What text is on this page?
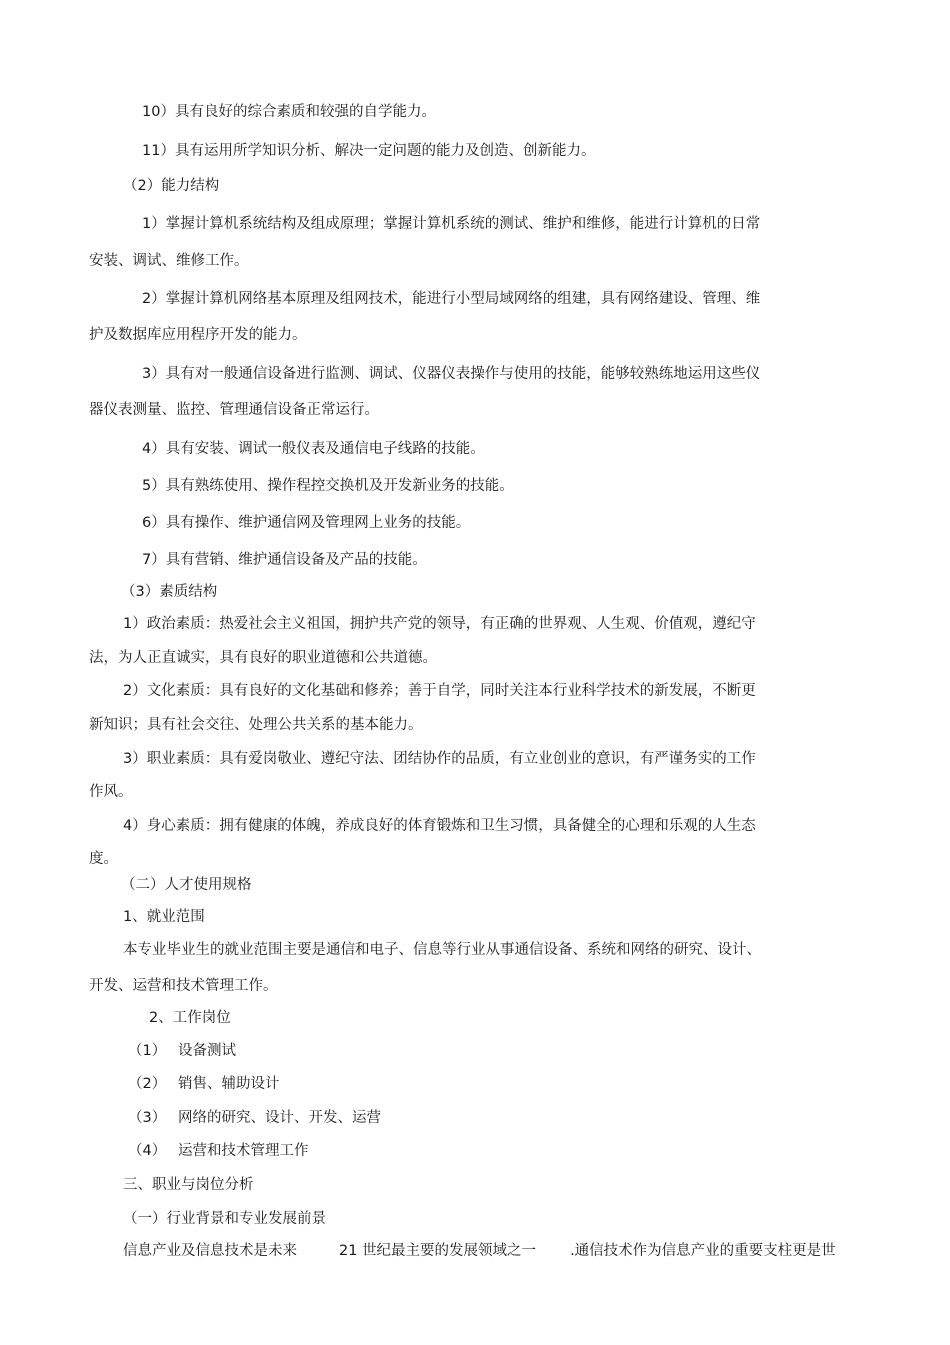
10）具有良好的综合素质和较强的自学能力。
11）具有运用所学知识分析、解决一定问题的能力及创造、创新能力。
（2）能力结构
1）掌握计算机系统结构及组成原理；掌握计算机系统的测试、维护和维修，能进行计算机的日常
安装、调试、维修工作。
2）掌握计算机网络基本原理及组网技术，能进行小型局域网络的组建，具有网络建设、管理、维
护及数据库应用程序开发的能力。
3）具有对一般通信设备进行监测、调试、仪器仪表操作与使用的技能，能够较熟练地运用这些仪
器仪表测量、监控、管理通信设备正常运行。
4）具有安装、调试一般仪表及通信电子线路的技能。
5）具有熟练使用、操作程控交换机及开发新业务的技能。
6）具有操作、维护通信网及管理网上业务的技能。
7）具有营销、维护通信设备及产品的技能。
（3）素质结构
1）政治素质：热爱社会主义祖国，拥护共产党的领导，有正确的世界观、人生观、价值观，遵纪守
法，为人正直诚实，具有良好的职业道德和公共道德。
2）文化素质：具有良好的文化基础和修养；善于自学，同时关注本行业科学技术的新发展，不断更
新知识；具有社会交往、处理公共关系的基本能力。
3）职业素质：具有爱岗敬业、遵纪守法、团结协作的品质，有立业创业的意识，有严谨务实的工作
作风。
4）身心素质：拥有健康的体魄，养成良好的体育锻炼和卫生习惯，具备健全的心理和乐观的人生态
度。
（二）人才使用规格
1、就业范围
本专业毕业生的就业范围主要是通信和电子、信息等行业从事通信设备、系统和网络的研究、设计、
开发、运营和技术管理工作。
2、工作岗位
（1） 设备测试
（2） 销售、辅助设计
（3） 网络的研究、设计、开发、运营
（4） 运营和技术管理工作
三、职业与岗位分析
（一）行业背景和专业发展前景
信息产业及信息技术是未来	21 世纪最主要的发展领域之一 .通信技术作为信息产业的重要支柱更是世
